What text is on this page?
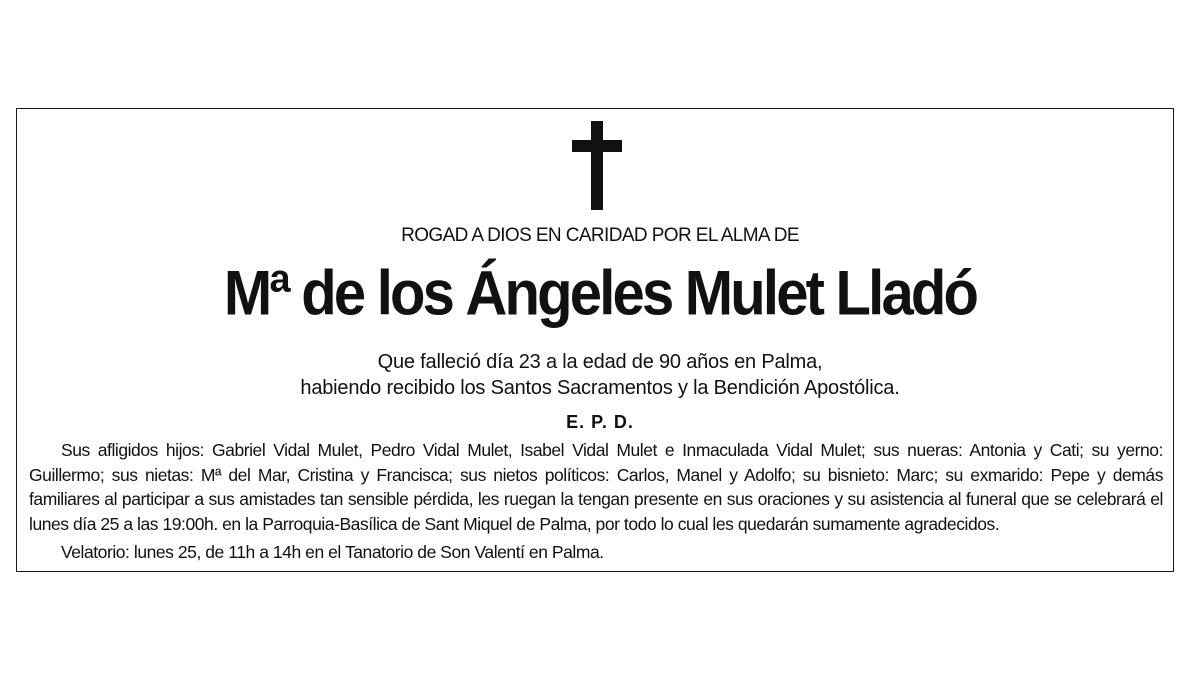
ROGAD A DIOS EN CARIDAD POR EL ALMA DE
Mª de los Ángeles Mulet Lladó
Que falleció día 23 a la edad de 90 años en Palma,
habiendo recibido los Santos Sacramentos y la Bendición Apostólica.
E. P. D.

Sus afligidos hijos: Gabriel Vidal Mulet, Pedro Vidal Mulet, Isabel Vidal Mulet e Inmaculada Vidal Mulet; sus nueras: Antonia y Cati; su yerno: Guillermo; sus nietas: Mª del Mar, Cristina y Francisca; sus nietos políticos: Carlos, Manel y Adolfo; su bisnieto: Marc; su exmarido: Pepe y demás familiares al participar a sus amistades tan sensible pérdida, les ruegan la tengan presente en sus oraciones y su asistencia al funeral que se celebrará el lunes día 25 a las 19:00h. en la Parroquia-Basílica de Sant Miquel de Palma, por todo lo cual les quedarán sumamente agradecidos.

Velatorio: lunes 25, de 11h a 14h en el Tanatorio de Son Valentí en Palma.
